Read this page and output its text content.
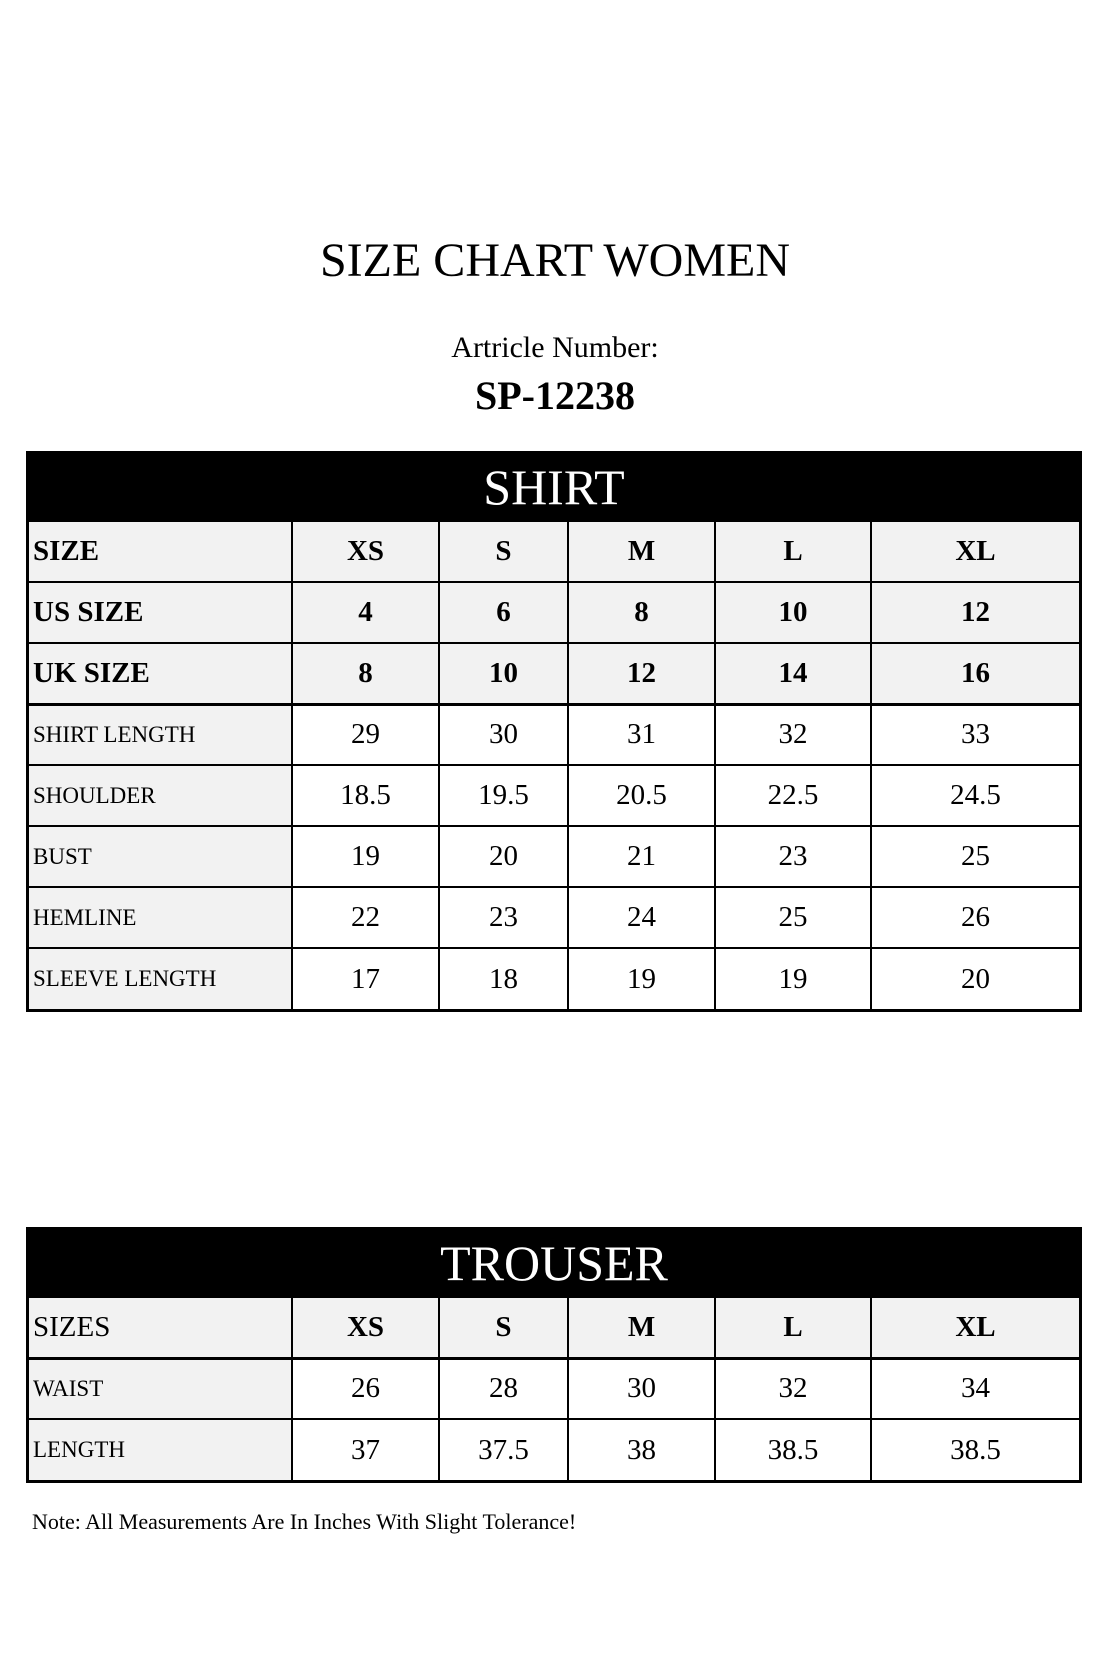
SIZE CHART WOMEN
Artricle Number:
SP-12238
SHIRT
SIZE	XS	S	M	L	XL
US SIZE	4	6	8	10	12
UK SIZE	8	10	12	14	16
SHIRT LENGTH	29	30	31	32	33
SHOULDER	18.5	19.5	20.5	22.5	24.5
BUST	19	20	21	23	25
HEMLINE	22	23	24	25	26
SLEEVE LENGTH	17	18	19	19	20
TROUSER
SIZES	XS	S	M	L	XL
WAIST	26	28	30	32	34
LENGTH	37	37.5	38	38.5	38.5
Note: All Measurements Are In Inches With Slight Tolerance!
